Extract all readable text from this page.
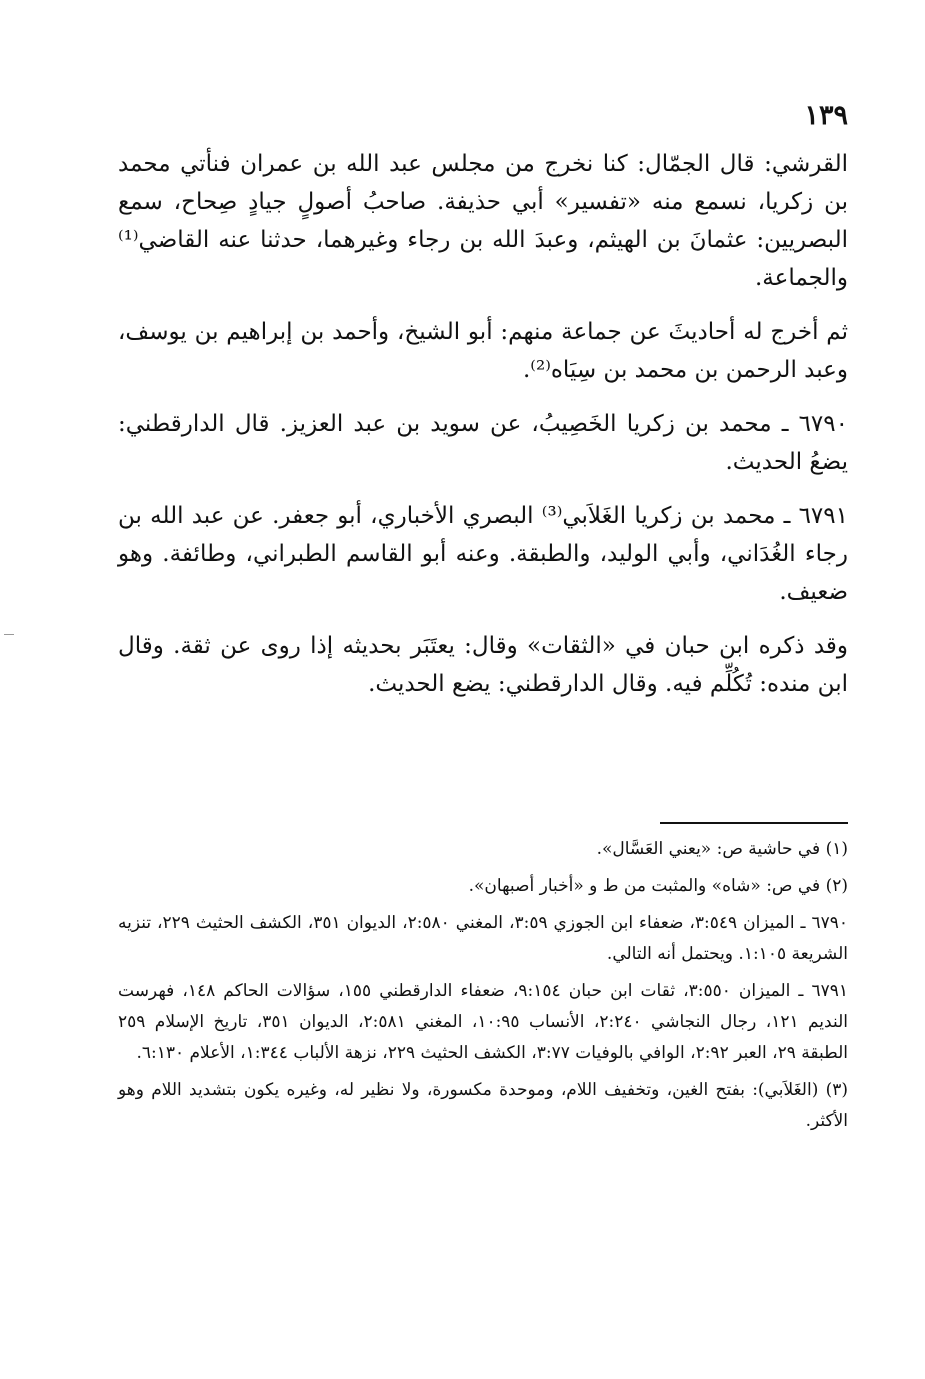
١٣٩

القرشي: قال الجمّال: كنا نخرج من مجلس عبد الله بن عمران فنأتي محمد بن زكريا، نسمع منه «تفسير» أبي حذيفة. صاحبُ أصولٍ جيادٍ صِحاح، سمع البصريين: عثمانَ بن الهيثم، وعبدَ الله بن رجاء وغيرهما، حدثنا عنه القاضي⁽¹⁾ والجماعة.

ثم أخرج له أحاديثَ عن جماعة منهم: أبو الشيخ، وأحمد بن إبراهيم بن يوسف، وعبد الرحمن بن محمد بن سِيَاه⁽²⁾.

٦٧٩٠ ـ محمد بن زكريا الخَصِيبُ، عن سويد بن عبد العزيز. قال الدارقطني: يضعُ الحديث.

٦٧٩١ ـ محمد بن زكريا الغَلاَبي⁽³⁾ البصري الأخباري، أبو جعفر. عن عبد الله بن رجاء الغُدَاني، وأبي الوليد، والطبقة. وعنه أبو القاسم الطبراني، وطائفة. وهو ضعيف.

وقد ذكره ابن حبان في «الثقات» وقال: يعتَبَر بحديثه إذا روى عن ثقة. وقال ابن منده: تُكُلِّم فيه. وقال الدارقطني: يضع الحديث.

(١) في حاشية ص: «يعني العَسَّال».

(٢) في ص: «شاه» والمثبت من ط و «أخبار أصبهان».

٦٧٩٠ ـ الميزان ٣:٥٤٩، ضعفاء ابن الجوزي ٣:٥٩، المغني ٢:٥٨٠، الديوان ٣٥١، الكشف الحثيث ٢٢٩، تنزيه الشريعة ١:١٠٥. ويحتمل أنه التالي.

٦٧٩١ ـ الميزان ٣:٥٥٠، ثقات ابن حبان ٩:١٥٤، ضعفاء الدارقطني ١٥٥، سؤالات الحاكم ١٤٨، فهرست النديم ١٢١، رجال النجاشي ٢:٢٤٠، الأنساب ١٠:٩٥، المغني ٢:٥٨١، الديوان ٣٥١، تاريخ الإسلام ٢٥٩ الطبقة ٢٩، العبر ٢:٩٢، الوافي بالوفيات ٣:٧٧، الكشف الحثيث ٢٢٩، نزهة الألباب ١:٣٤٤، الأعلام ٦:١٣٠.

(٣) (الغَلاَبي): بفتح الغين، وتخفيف اللام، وموحدة مكسورة، ولا نظير له، وغيره يكون بتشديد اللام وهو الأكثر.
